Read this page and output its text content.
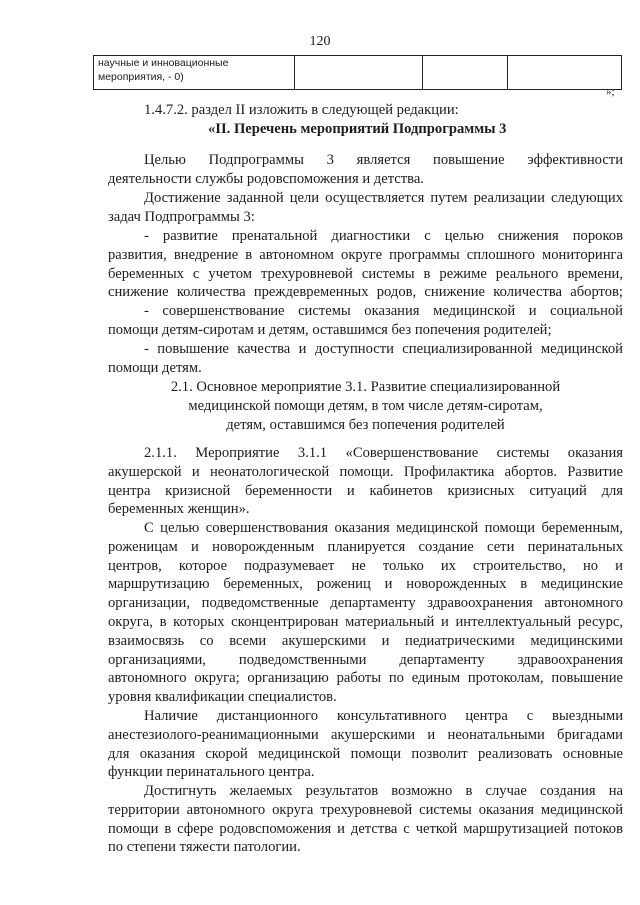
120
научные и инновационные
мероприятия, - 0)

»;
1.4.7.2. раздел II изложить в следующей редакции:
«II. Перечень мероприятий Подпрограммы 3
Целью Подпрограммы 3 является повышение эффективности
деятельности службы родовспоможения и детства.
Достижение заданной цели осуществляется путем реализации следующих
задач Подпрограммы 3:
- развитие пренатальной диагностики с целью снижения пороков
развития, внедрение в автономном округе программы сплошного мониторинга
беременных с учетом трехуровневой системы в режиме реального времени,
снижение количества преждевременных родов, снижение количества абортов;
- совершенствование системы оказания медицинской и социальной
помощи детям-сиротам и детям, оставшимся без попечения родителей;
- повышение качества и доступности специализированной медицинской
помощи детям.
2.1. Основное мероприятие 3.1. Развитие специализированной
медицинской помощи детям, в том числе детям-сиротам,
детям, оставшимся без попечения родителей
2.1.1. Мероприятие 3.1.1 «Совершенствование системы оказания
акушерской и неонатологической помощи. Профилактика абортов. Развитие
центра кризисной беременности и кабинетов кризисных ситуаций для
беременных женщин».
С целью совершенствования оказания медицинской помощи беременным,
роженицам и новорожденным планируется создание сети перинатальных
центров, которое подразумевает не только их строительство, но и
маршрутизацию беременных, рожениц и новорожденных в медицинские
организации, подведомственные департаменту здравоохранения автономного
округа, в которых сконцентрирован материальный и интеллектуальный ресурс,
взаимосвязь со всеми акушерскими и педиатрическими медицинскими
организациями, подведомственными департаменту здравоохранения
автономного округа; организацию работы по единым протоколам, повышение
уровня квалификации специалистов.
Наличие дистанционного консультативного центра с выездными
анестезиолого-реанимационными акушерскими и неонатальными бригадами
для оказания скорой медицинской помощи позволит реализовать основные
функции перинатального центра.
Достигнуть желаемых результатов возможно в случае создания на
территории автономного округа трехуровневой системы оказания медицинской
помощи в сфере родовспоможения и детства с четкой маршрутизацией потоков
по степени тяжести патологии.
